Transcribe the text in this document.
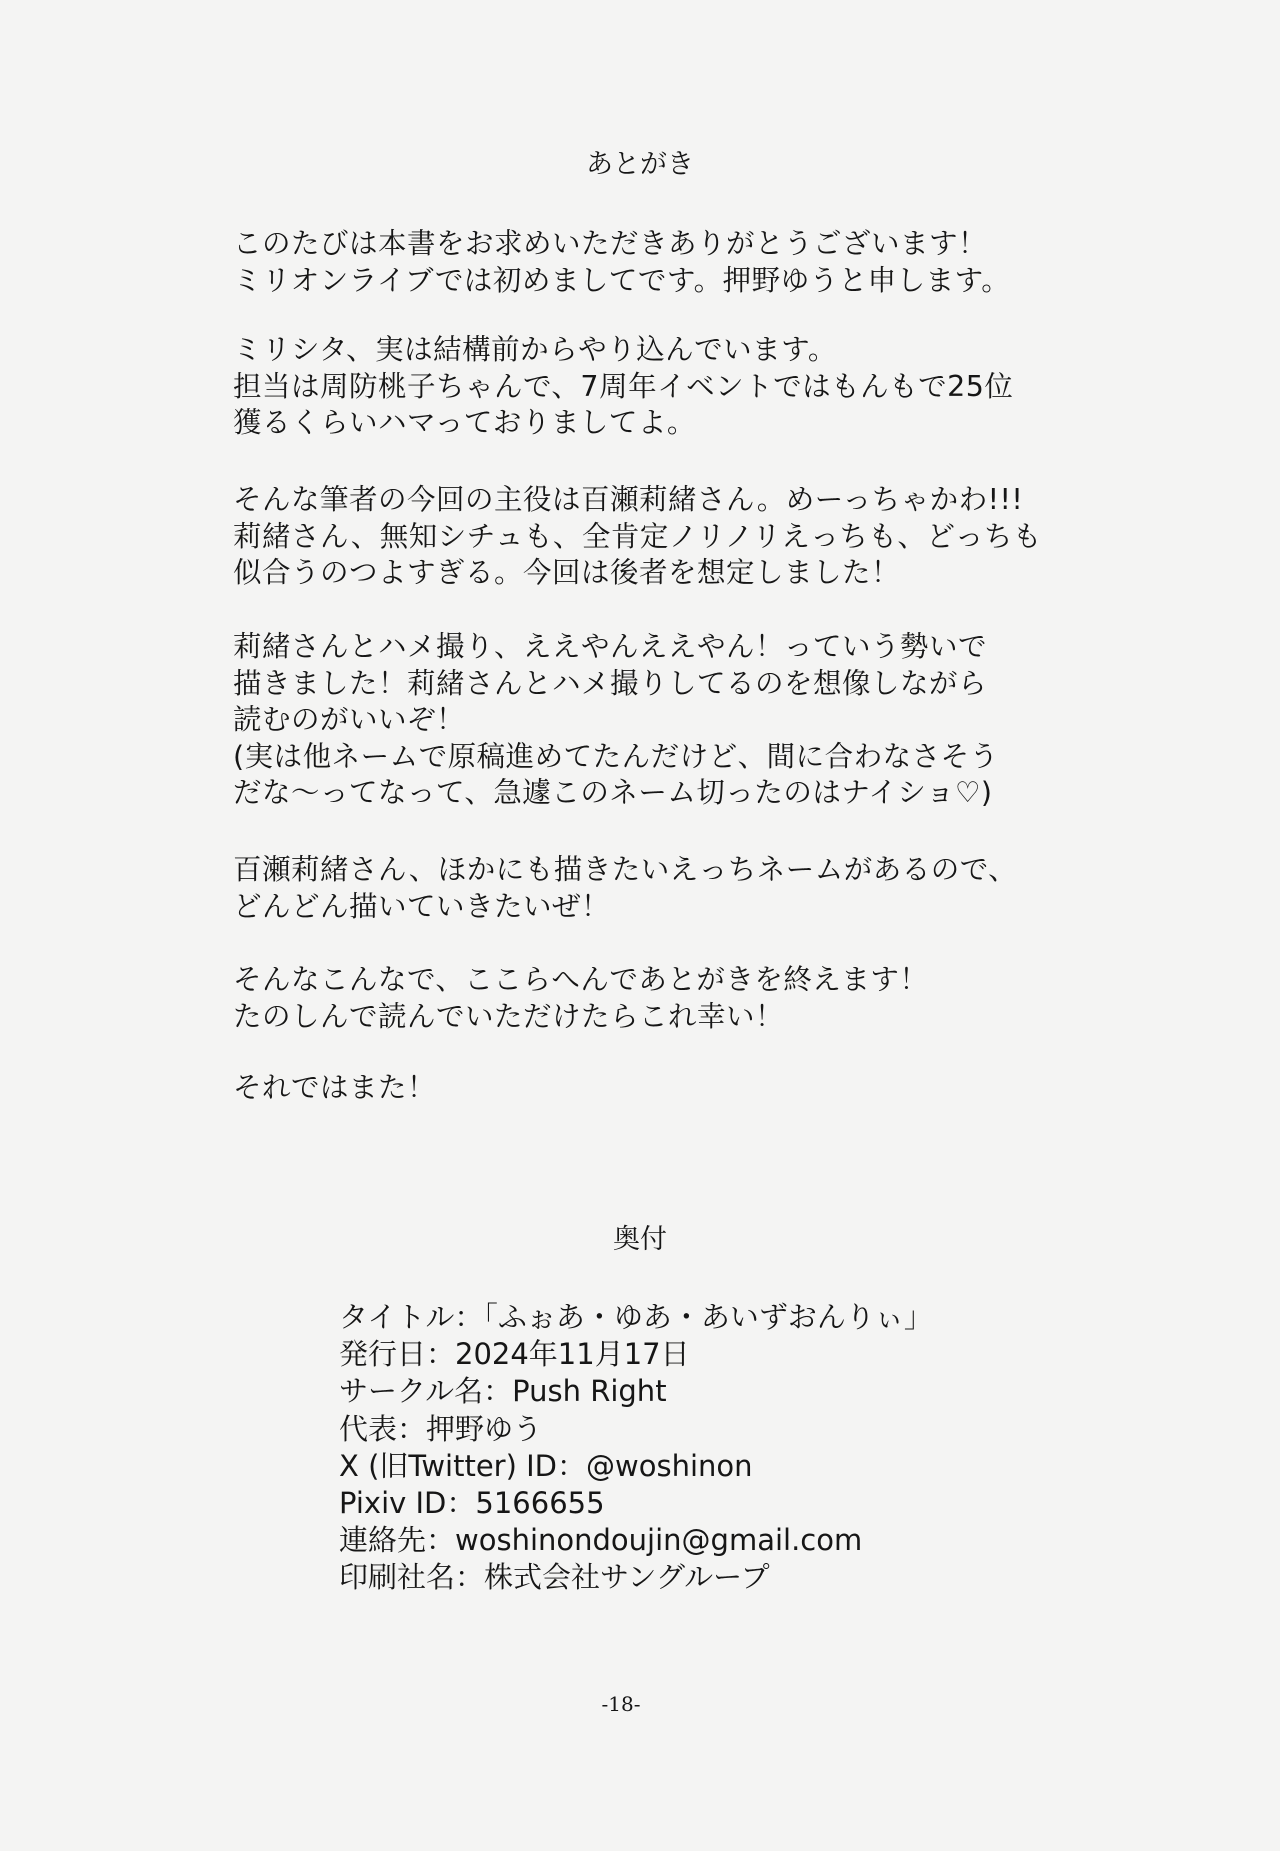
あとがき
このたびは本書をお求めいただきありがとうございます！
ミリオンライブでは初めましてです。押野ゆうと申します。
ミリシタ、実は結構前からやり込んでいます。
担当は周防桃子ちゃんで、7周年イベントではもんもで25位
獲るくらいハマっておりましてよ。
そんな筆者の今回の主役は百瀬莉緒さん。めーっちゃかわ!!!
莉緒さん、無知シチュも、全肯定ノリノリえっちも、どっちも
似合うのつよすぎる。今回は後者を想定しました！
莉緒さんとハメ撮り、ええやんええやん！っていう勢いで
描きました！莉緒さんとハメ撮りしてるのを想像しながら
読むのがいいぞ！
(実は他ネームで原稿進めてたんだけど、間に合わなさそう
だな～ってなって、急遽このネーム切ったのはナイショ♡)
百瀬莉緒さん、ほかにも描きたいえっちネームがあるので、
どんどん描いていきたいぜ！
そんなこんなで、ここらへんであとがきを終えます！
たのしんで読んでいただけたらこれ幸い！
それではまた！
奥付
タイトル：「ふぉあ・ゆあ・あいずおんりぃ」
発行日：2024年11月17日
サークル名：Push Right
代表：押野ゆう
X (旧Twitter) ID：@woshinon
Pixiv ID：5166655
連絡先：woshinondoujin@gmail.com
印刷社名：株式会社サングループ
-18-
